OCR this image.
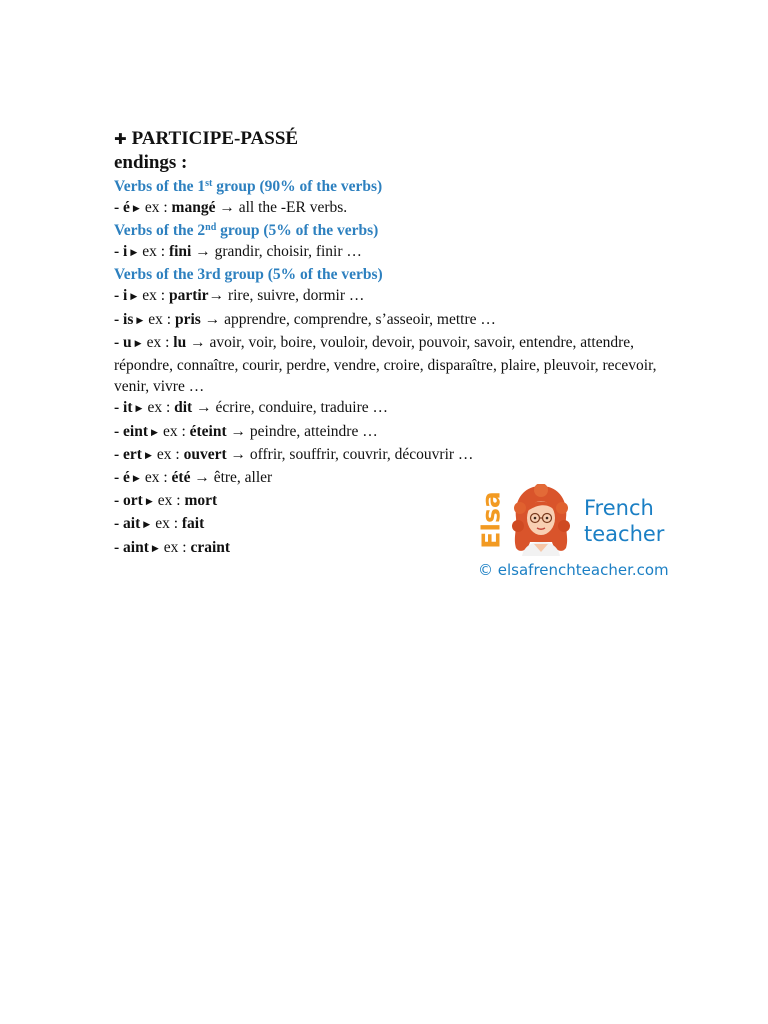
✚ PARTICIPE-PASSÉ
endings :
Verbs of the 1st group (90% of the verbs)
- é ▶ ex : mangé → all the -ER verbs.
Verbs of the 2nd group (5% of the verbs)
- i ▶ ex : fini → grandir, choisir, finir …
Verbs of the 3rd group (5% of the verbs)
- i ▶ ex : partir→ rire, suivre, dormir …
- is ▶ ex : pris → apprendre, comprendre, s’asseoir, mettre …
- u ▶ ex : lu → avoir, voir, boire, vouloir, devoir, pouvoir, savoir, entendre, attendre, répondre, connaître, courir, perdre, vendre, croire, disparaître, plaire, pleuvoir, recevoir, venir, vivre …
- it ▶ ex : dit → écrire, conduire, traduire …
- eint ▶ ex : éteint → peindre, atteindre …
- ert ▶ ex : ouvert → offrir, souffrir, couvrir, découvrir …
- é ▶ ex : été → être, aller
- ort ▶ ex : mort
- ait ▶ ex : fait
- aint ▶ ex : craint	Elsa	French
teacher
© elsafrenchteacher.com
